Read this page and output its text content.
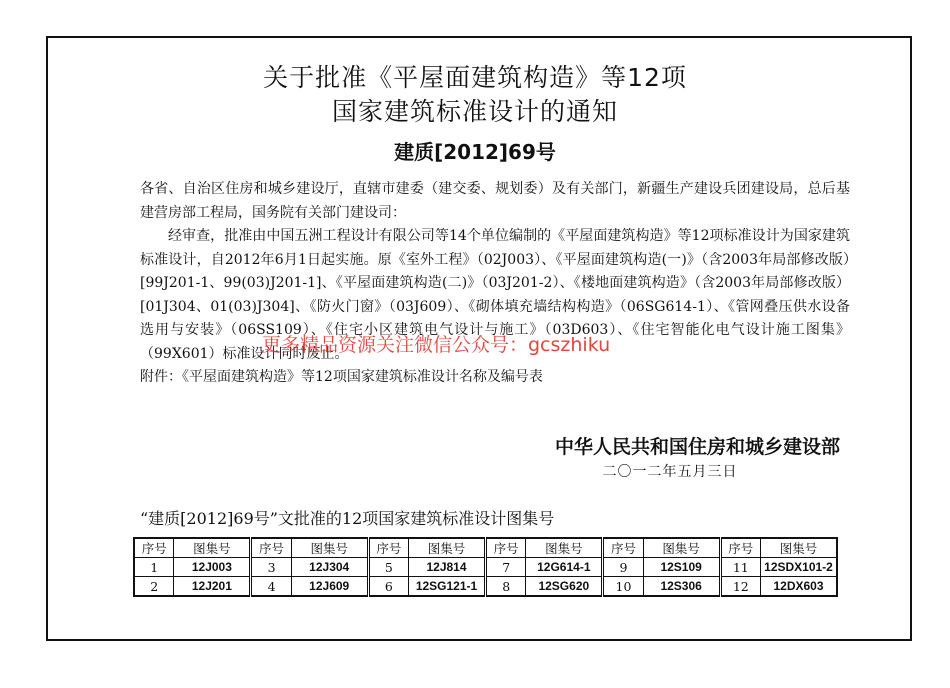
关于批准《平屋面建筑构造》等12项
国家建筑标准设计的通知
建质[2012]69号

各省、自治区住房和城乡建设厅，直辖市建委（建交委、规划委）及有关部门，新疆生产建设兵团建设局，总后基建营房部工程局，国务院有关部门建设司：

经审查，批准由中国五洲工程设计有限公司等14个单位编制的《平屋面建筑构造》等12项标准设计为国家建筑标准设计，自2012年6月1日起实施。原《室外工程》（02J003）、《平屋面建筑构造(一)》（含2003年局部修改版）[99J201-1、99(03)J201-1]、《平屋面建筑构造(二)》（03J201-2）、《楼地面建筑构造》（含2003年局部修改版）[01J304、01(03)J304]、《防火门窗》（03J609）、《砌体填充墙结构构造》（06SG614-1）、《管网叠压供水设备选用与安装》（06SS109）、《住宅小区建筑电气设计与施工》（03D603）、《住宅智能化电气设计施工图集》（99X601）标准设计同时废止。

附件：《平屋面建筑构造》等12项国家建筑标准设计名称及编号表

更多精品资源关注微信公众号：gcszhiku
中华人民共和国住房和城乡建设部
二〇一二年五月三日
“建质[2012]69号”文批准的12项国家建筑标准设计图集号
序号	图集号	序号	图集号	序号	图集号	序号	图集号	序号	图集号	序号	图集号
1	12J003	3	12J304	5	12J814	7	12G614-1	9	12S109	11	12SDX101-2
2	12J201	4	12J609	6	12SG121-1	8	12SG620	10	12S306	12	12DX603
